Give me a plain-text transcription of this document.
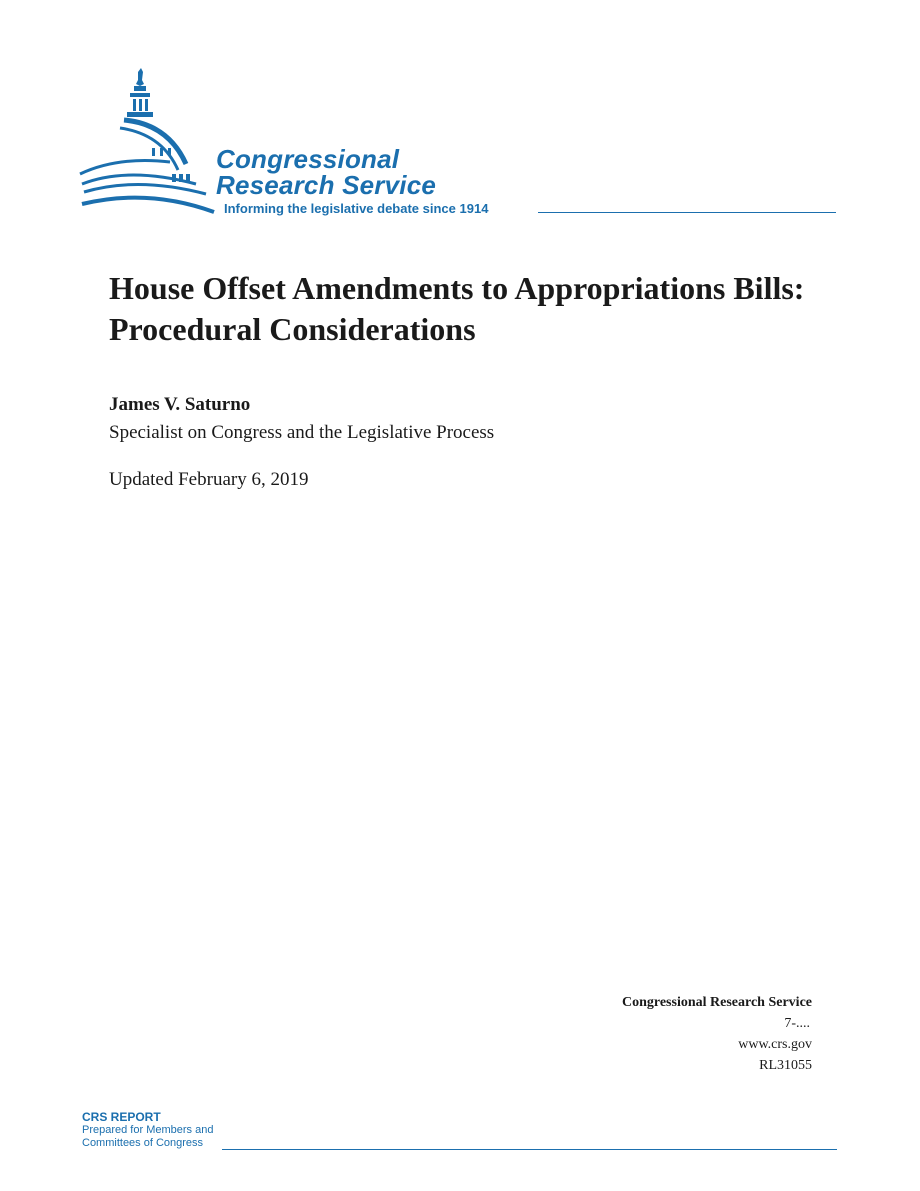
Congressional
Research Service
Informing the legislative debate since 1914
House Offset Amendments to Appropriations Bills: Procedural Considerations
James V. Saturno
Specialist on Congress and the Legislative Process
Updated February 6, 2019
Congressional Research Service
7-....
www.crs.gov
RL31055
CRS REPORT
Prepared for Members and
Committees of Congress
